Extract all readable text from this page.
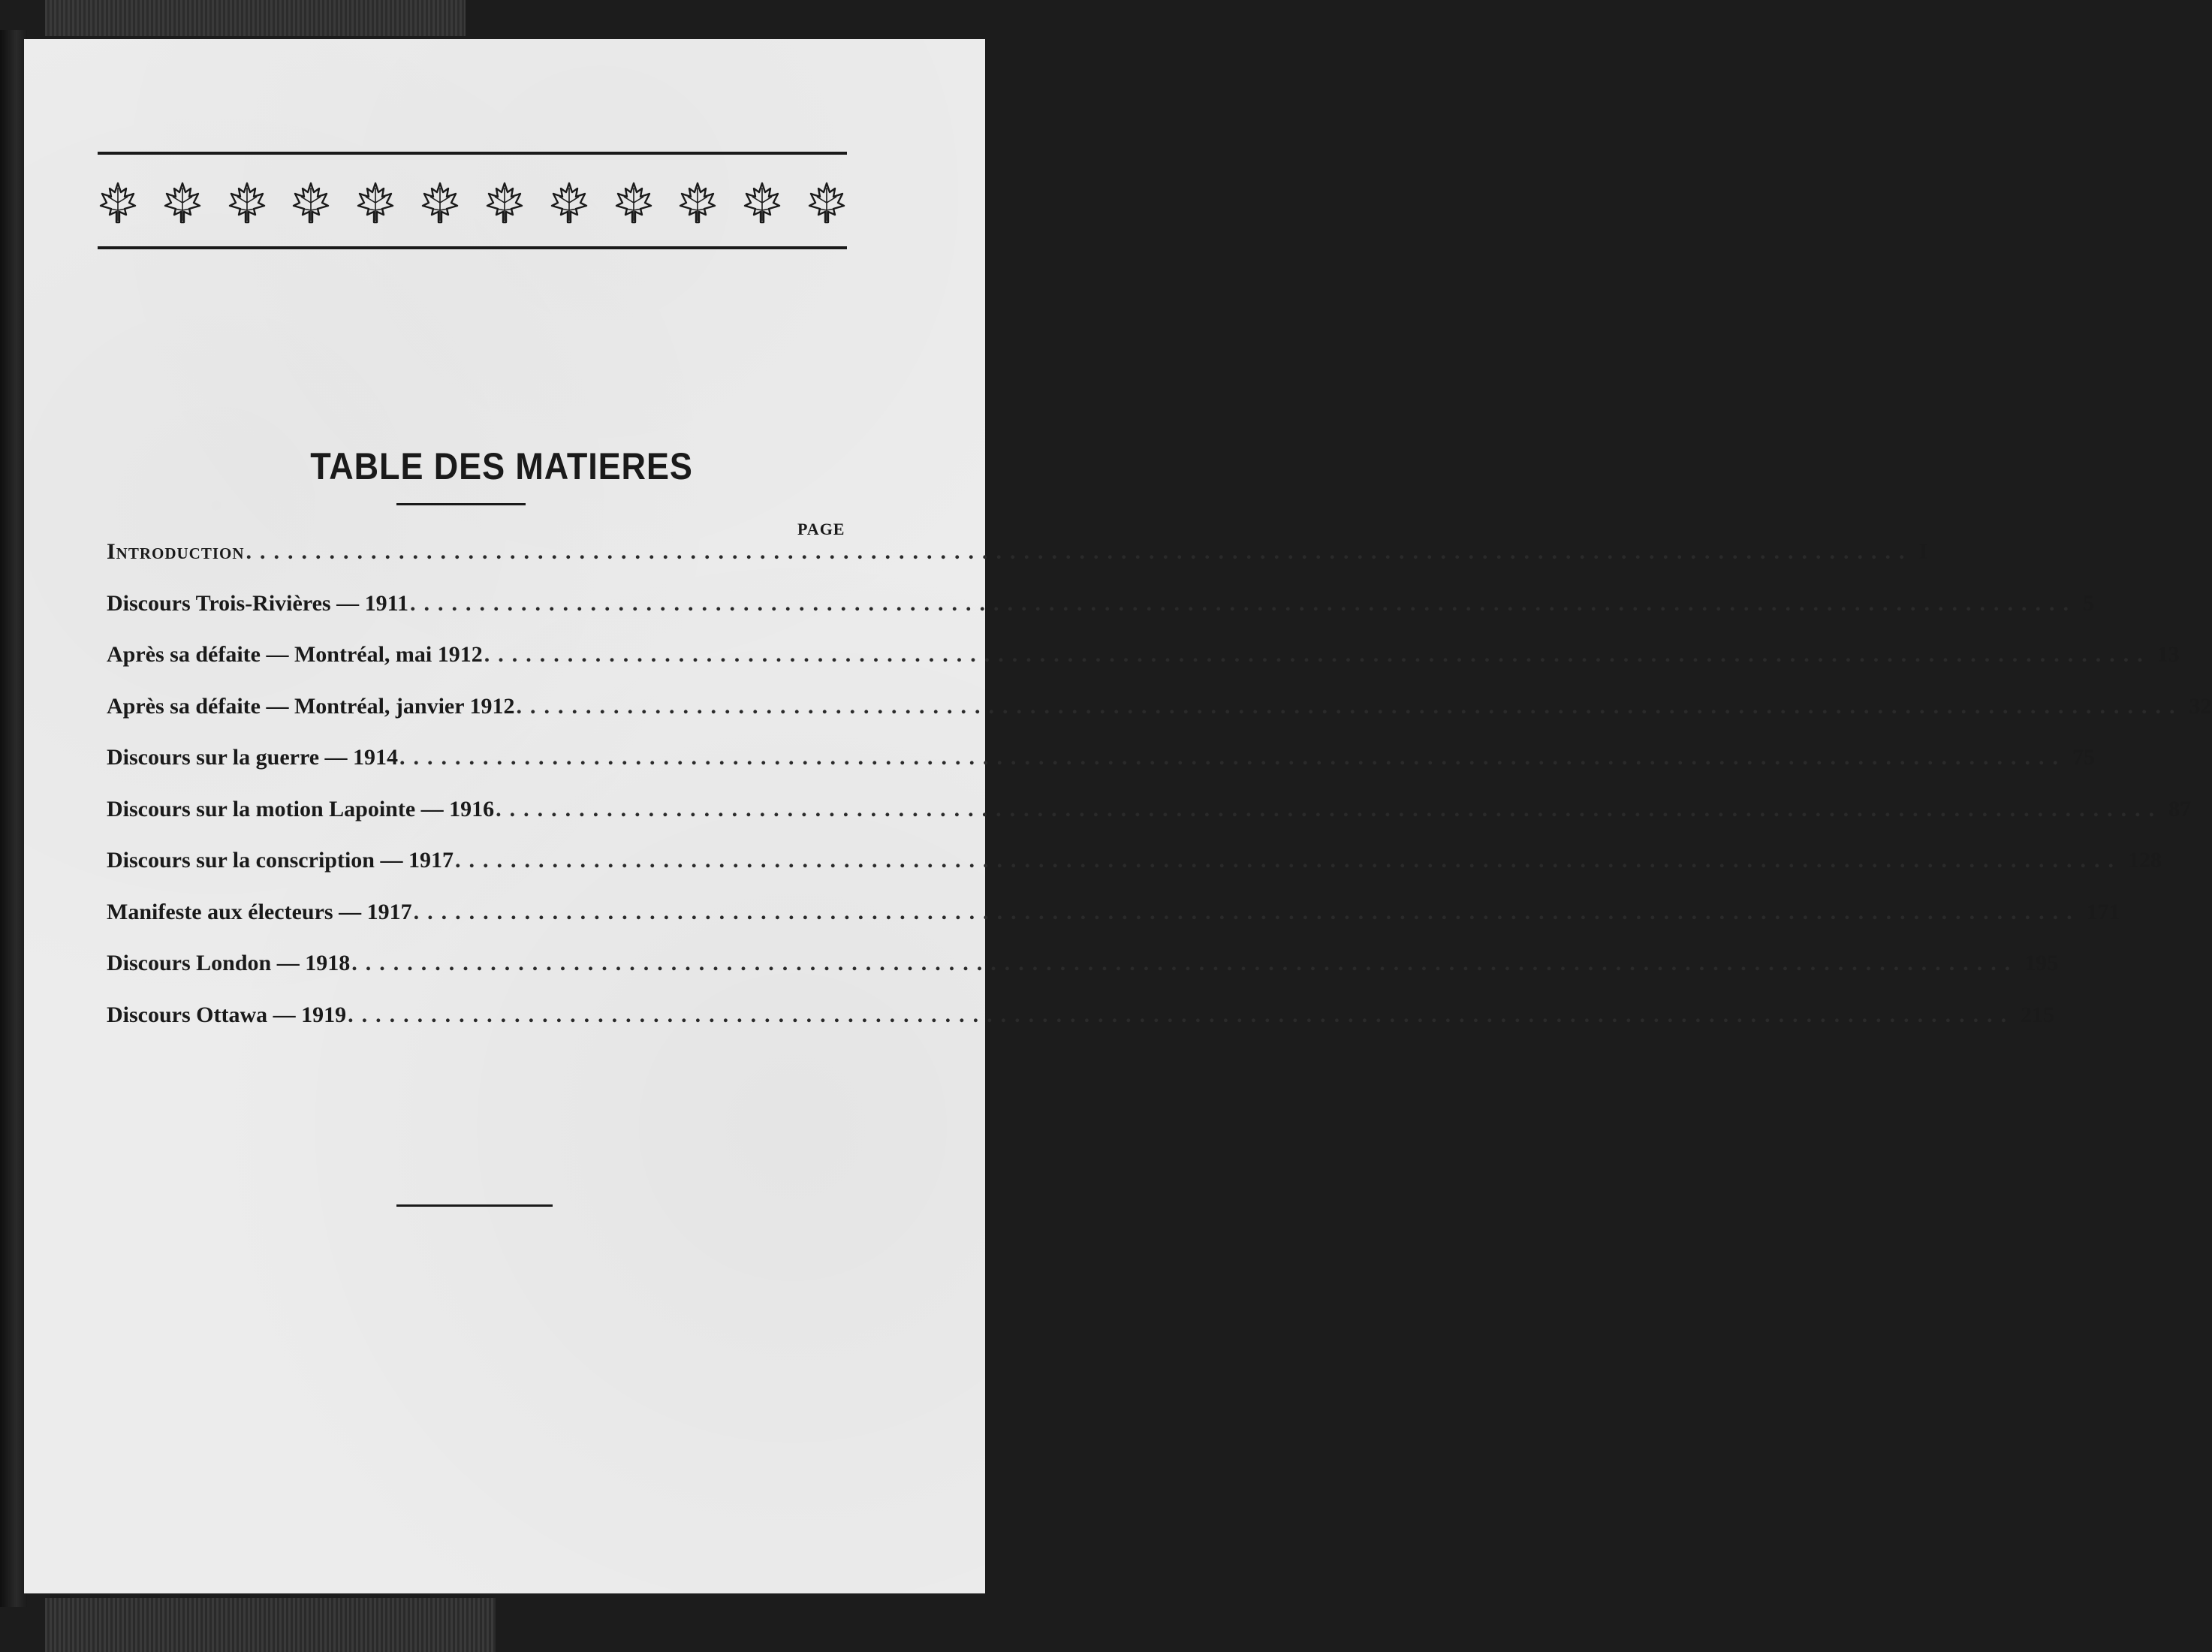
TABLE DES MATIERES
PAGE
Introduction ........................................................................................................................ I
Discours Trois-Rivières — 1911 ........................................................................................................................ 5
Après sa défaite — Montréal, mai 1912 ........................................................................................................................ 13
Après sa défaite — Montréal, janvier 1912 ........................................................................................................................ 32
Discours sur la guerre — 1914 ........................................................................................................................ 75
Discours sur la motion Lapointe — 1916 ........................................................................................................................ 87
Discours sur la conscription — 1917 ........................................................................................................................ 128
Manifeste aux électeurs — 1917 ........................................................................................................................ 171
Discours London — 1918 ........................................................................................................................ 195
Discours Ottawa — 1919 ........................................................................................................................ 215
